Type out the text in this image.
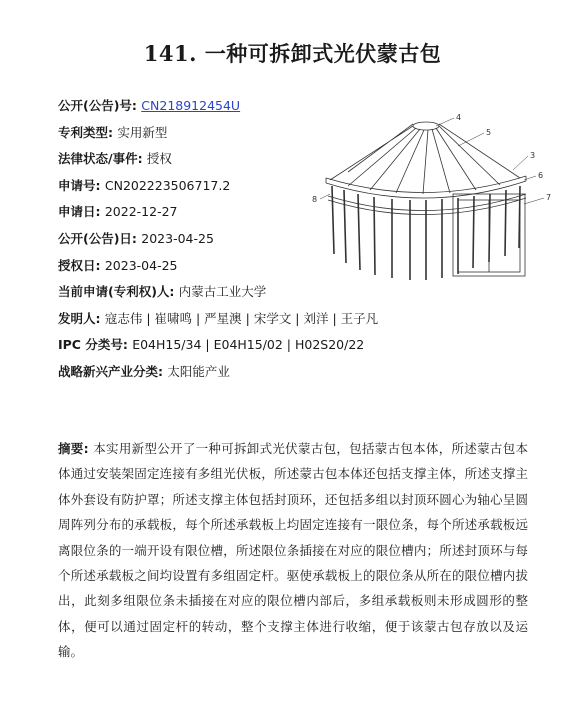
141. 一种可拆卸式光伏蒙古包
公开(公告)号: CN218912454U
专利类型: 实用新型
法律状态/事件: 授权
申请号: CN202223506717.2
申请日: 2022-12-27
公开(公告)日: 2023-04-25
授权日: 2023-04-25
当前申请(专利权)人: 内蒙古工业大学
发明人: 寇志伟 | 崔啸鸣 | 严星澳 | 宋学文 | 刘洋 | 王子凡
IPC 分类号: E04H15/34 | E04H15/02 | H02S20/22
战略新兴产业分类: 太阳能产业
4
5
3
6
7
8
摘要: 本实用新型公开了一种可拆卸式光伏蒙古包，包括蒙古包本体，所述蒙古包本体通过安装架固定连接有多组光伏板，所述蒙古包本体还包括支撑主体，所述支撑主体外套设有防护罩；所述支撑主体包括封顶环，还包括多组以封顶环圆心为轴心呈圆周阵列分布的承载板，每个所述承载板上均固定连接有一限位条，每个所述承载板远离限位条的一端开设有限位槽，所述限位条插接在对应的限位槽内；所述封顶环与每个所述承载板之间均设置有多组固定杆。驱使承载板上的限位条从所在的限位槽内拔出，此刻多组限位条未插接在对应的限位槽内部后，多组承载板则未形成圆形的整体，便可以通过固定杆的转动，整个支撑主体进行收缩，便于该蒙古包存放以及运输。
